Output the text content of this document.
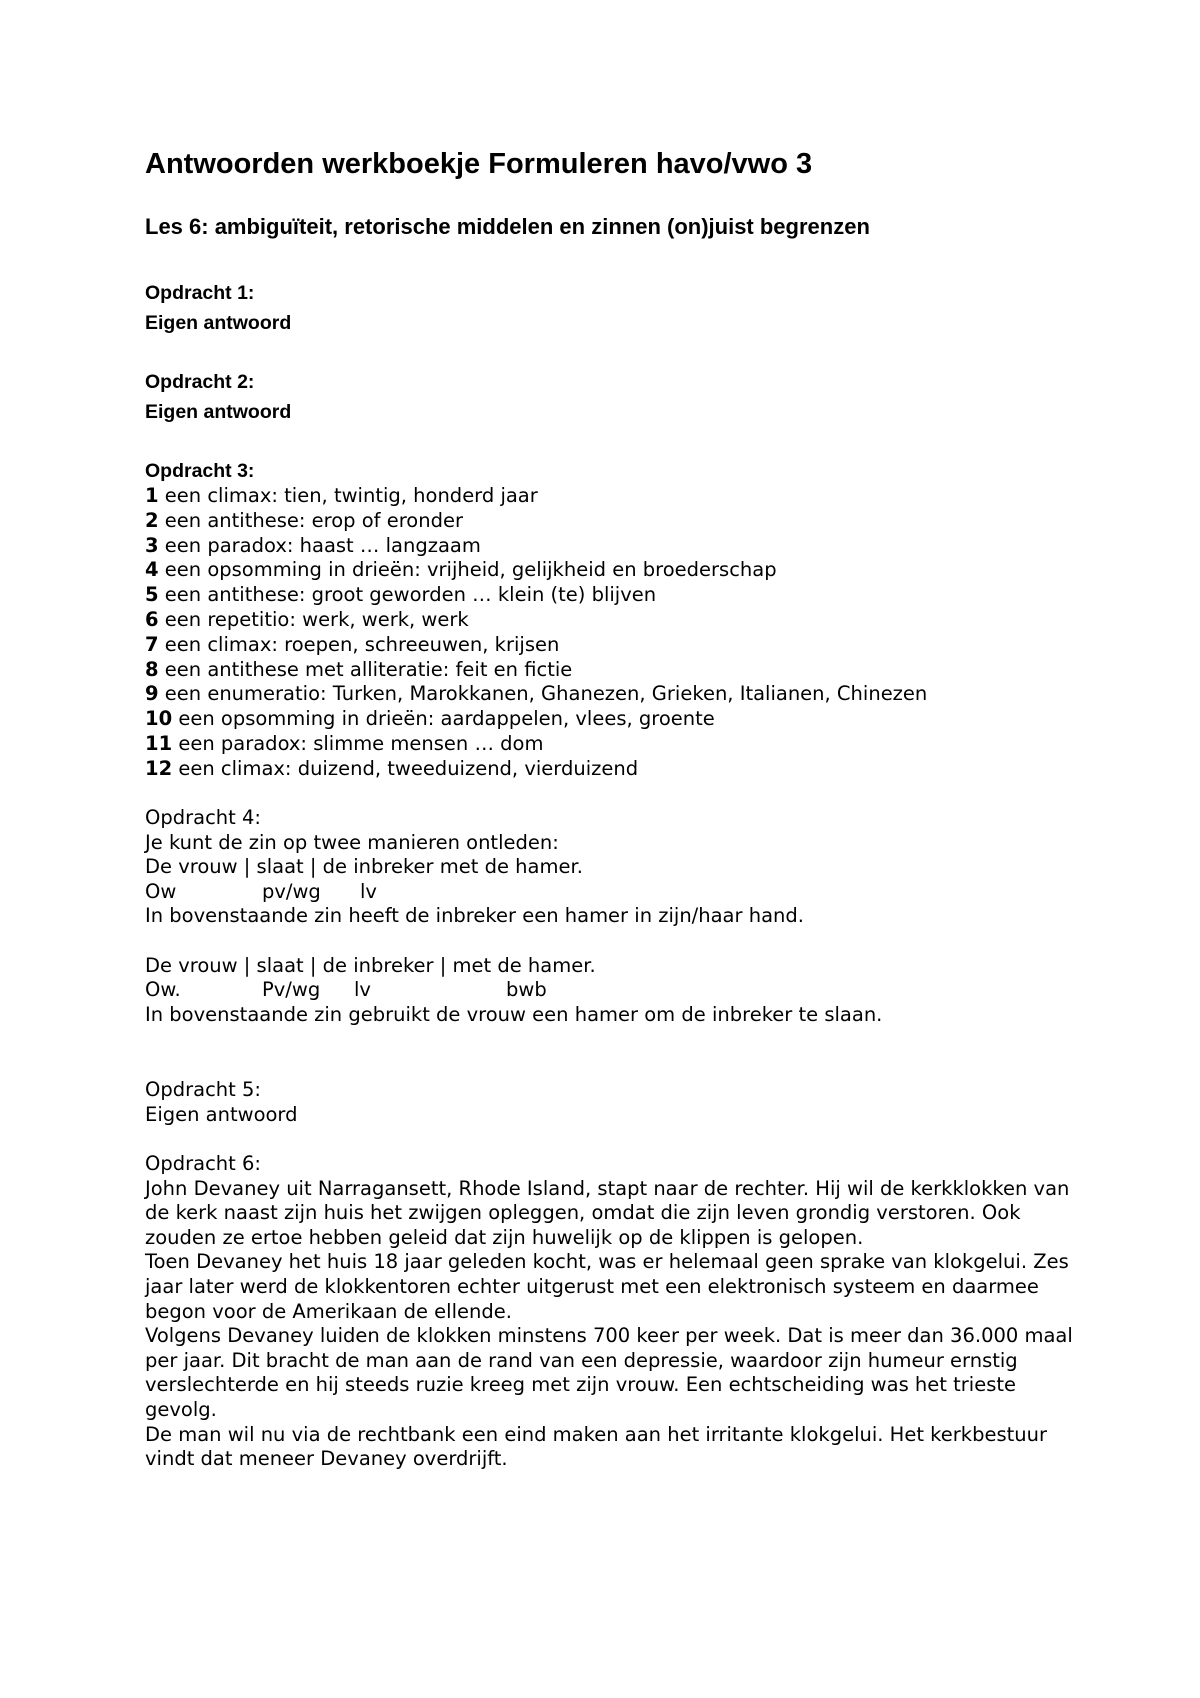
Antwoorden werkboekje Formuleren havo/vwo 3
Les 6: ambiguïteit, retorische middelen en zinnen (on)juist begrenzen
Opdracht 1:
Eigen antwoord
Opdracht 2:
Eigen antwoord
Opdracht 3:
1 een climax: tien, twintig, honderd jaar
2 een antithese: erop of eronder
3 een paradox: haast … langzaam
4 een opsomming in drieën: vrijheid, gelijkheid en broederschap
5 een antithese: groot geworden … klein (te) blijven
6 een repetitio: werk, werk, werk
7 een climax: roepen, schreeuwen, krijsen
8 een antithese met alliteratie: feit en fictie
9 een enumeratio: Turken, Marokkanen, Ghanezen, Grieken, Italianen, Chinezen
10 een opsomming in drieën: aardappelen, vlees, groente
11 een paradox: slimme mensen … dom
12 een climax: duizend, tweeduizend, vierduizend
Opdracht 4:
Je kunt de zin op twee manieren ontleden:
De vrouw | slaat | de inbreker met de hamer.
Ow	pv/wg lv
In bovenstaande zin heeft de inbreker een hamer in zijn/haar hand.
De vrouw | slaat | de inbreker | met de hamer.
Ow.	Pv/wg lv	bwb
In bovenstaande zin gebruikt de vrouw een hamer om de inbreker te slaan.
Opdracht 5:
Eigen antwoord
Opdracht 6:

John Devaney uit Narragansett, Rhode Island, stapt naar de rechter. Hij wil de kerkklokken van de kerk naast zijn huis het zwijgen opleggen, omdat die zijn leven grondig verstoren. Ook zouden ze ertoe hebben geleid dat zijn huwelijk op de klippen is gelopen.

Toen Devaney het huis 18 jaar geleden kocht, was er helemaal geen sprake van klokgelui. Zes jaar later werd de klokkentoren echter uitgerust met een elektronisch systeem en daarmee begon voor de Amerikaan de ellende.

Volgens Devaney luiden de klokken minstens 700 keer per week. Dat is meer dan 36.000 maal per jaar. Dit bracht de man aan de rand van een depressie, waardoor zijn humeur ernstig verslechterde en hij steeds ruzie kreeg met zijn vrouw. Een echtscheiding was het trieste gevolg.

De man wil nu via de rechtbank een eind maken aan het irritante klokgelui. Het kerkbestuur vindt dat meneer Devaney overdrijft.
